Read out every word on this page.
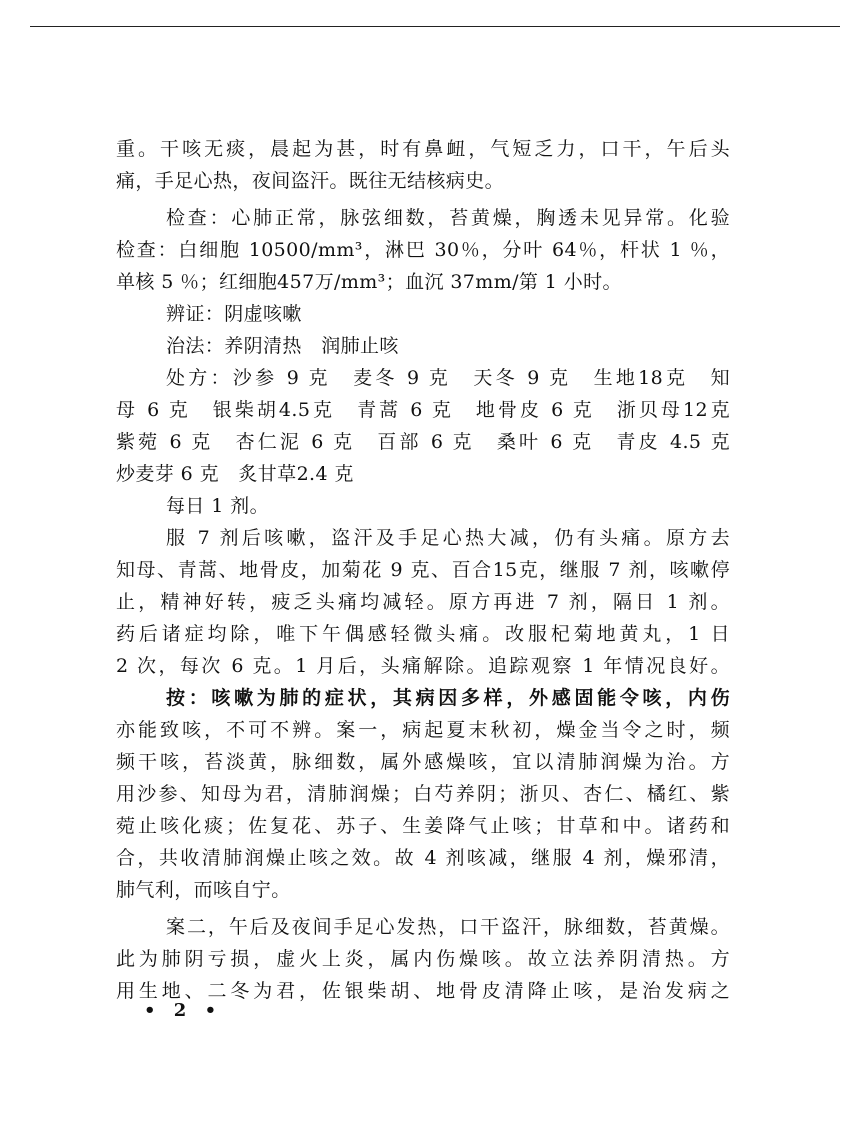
重。干咳无痰，晨起为甚，时有鼻衄，气短乏力，口干，午后头
痛，手足心热，夜间盗汗。既往无结核病史。
检查：心肺正常，脉弦细数，苔黄燥，胸透未见异常。化验
检查：白细胞 10500/mm³，淋巴 30％，分叶 64％，杆状 1 ％，
单核 5 ％；红细胞457万/mm³；血沉 37mm/第 1 小时。
辨证：阴虚咳嗽
治法：养阴清热　润肺止咳
处方：沙参 9 克　麦冬 9 克　天冬 9 克　生地18克　知
母 6 克　银柴胡4.5克　青蒿 6 克　地骨皮 6 克　浙贝母12克
紫菀 6 克　杏仁泥 6 克　百部 6 克　桑叶 6 克　青皮 4.5 克
炒麦芽 6 克　炙甘草2.4 克
每日 1 剂。
服 7 剂后咳嗽，盗汗及手足心热大减，仍有头痛。原方去
知母、青蒿、地骨皮，加菊花 9 克、百合15克，继服 7 剂，咳嗽停
止，精神好转，疲乏头痛均减轻。原方再进 7 剂，隔日 1 剂。
药后诸症均除，唯下午偶感轻微头痛。改服杞菊地黄丸，1 日
2 次，每次 6 克。1 月后，头痛解除。追踪观察 1 年情况良好。
按：咳嗽为肺的症状，其病因多样，外感固能令咳，内伤
亦能致咳，不可不辨。案一，病起夏末秋初，燥金当令之时，频
频干咳，苔淡黄，脉细数，属外感燥咳，宜以清肺润燥为治。方
用沙参、知母为君，清肺润燥；白芍养阴；浙贝、杏仁、橘红、紫
菀止咳化痰；佐复花、苏子、生姜降气止咳；甘草和中。诸药和
合，共收清肺润燥止咳之效。故 4 剂咳减，继服 4 剂，燥邪清，
肺气利，而咳自宁。
案二，午后及夜间手足心发热，口干盗汗，脉细数，苔黄燥。
此为肺阴亏损，虚火上炎，属内伤燥咳。故立法养阴清热。方
用生地、二冬为君，佐银柴胡、地骨皮清降止咳，是治发病之
• 2 •
